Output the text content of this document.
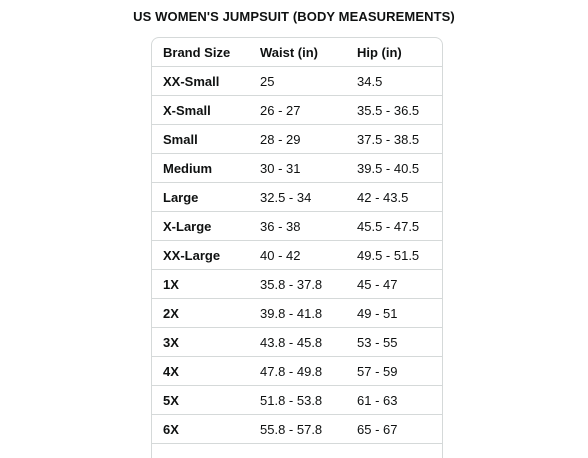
US WOMEN'S JUMPSUIT (BODY MEASUREMENTS)
Brand Size	Waist (in)	Hip (in)
XX-Small	25	34.5
X-Small	26 - 27	35.5 - 36.5
Small	28 - 29	37.5 - 38.5
Medium	30 - 31	39.5 - 40.5
Large	32.5 - 34	42 - 43.5
X-Large	36 - 38	45.5 - 47.5
XX-Large	40 - 42	49.5 - 51.5
1X	35.8 - 37.8	45 - 47
2X	39.8 - 41.8	49 - 51
3X	43.8 - 45.8	53 - 55
4X	47.8 - 49.8	57 - 59
5X	51.8 - 53.8	61 - 63
6X	55.8 - 57.8	65 - 67
